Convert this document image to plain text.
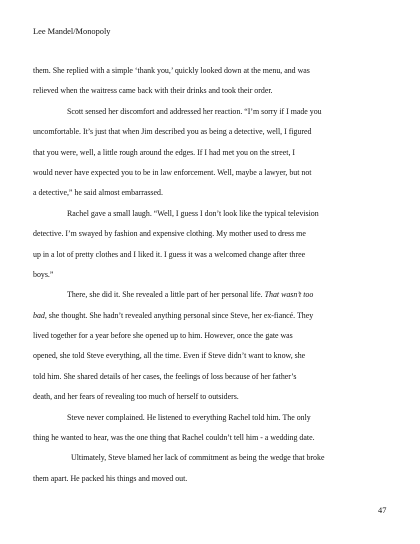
Lee Mandel/Monopoly
them. She replied with a simple ‘thank you,’ quickly looked down at the menu, and was
relieved when the waitress came back with their drinks and took their order.
Scott sensed her discomfort and addressed her reaction. “I’m sorry if I made you
uncomfortable. It’s just that when Jim described you as being a detective, well, I figured
that you were, well, a little rough around the edges. If I had met you on the street, I
would never have expected you to be in law enforcement. Well, maybe a lawyer, but not
a detective,” he said almost embarrassed.
Rachel gave a small laugh. “Well, I guess I don’t look like the typical television
detective. I’m swayed by fashion and expensive clothing. My mother used to dress me
up in a lot of pretty clothes and I liked it. I guess it was a welcomed change after three
boys.”
There, she did it. She revealed a little part of her personal life. That wasn’t too
bad, she thought. She hadn’t revealed anything personal since Steve, her ex-fiancé. They
lived together for a year before she opened up to him. However, once the gate was
opened, she told Steve everything, all the time. Even if Steve didn’t want to know, she
told him. She shared details of her cases, the feelings of loss because of her father’s
death, and her fears of revealing too much of herself to outsiders.
Steve never complained. He listened to everything Rachel told him. The only
thing he wanted to hear, was the one thing that Rachel couldn’t tell him - a wedding date.
Ultimately, Steve blamed her lack of commitment as being the wedge that broke
them apart. He packed his things and moved out.
47
